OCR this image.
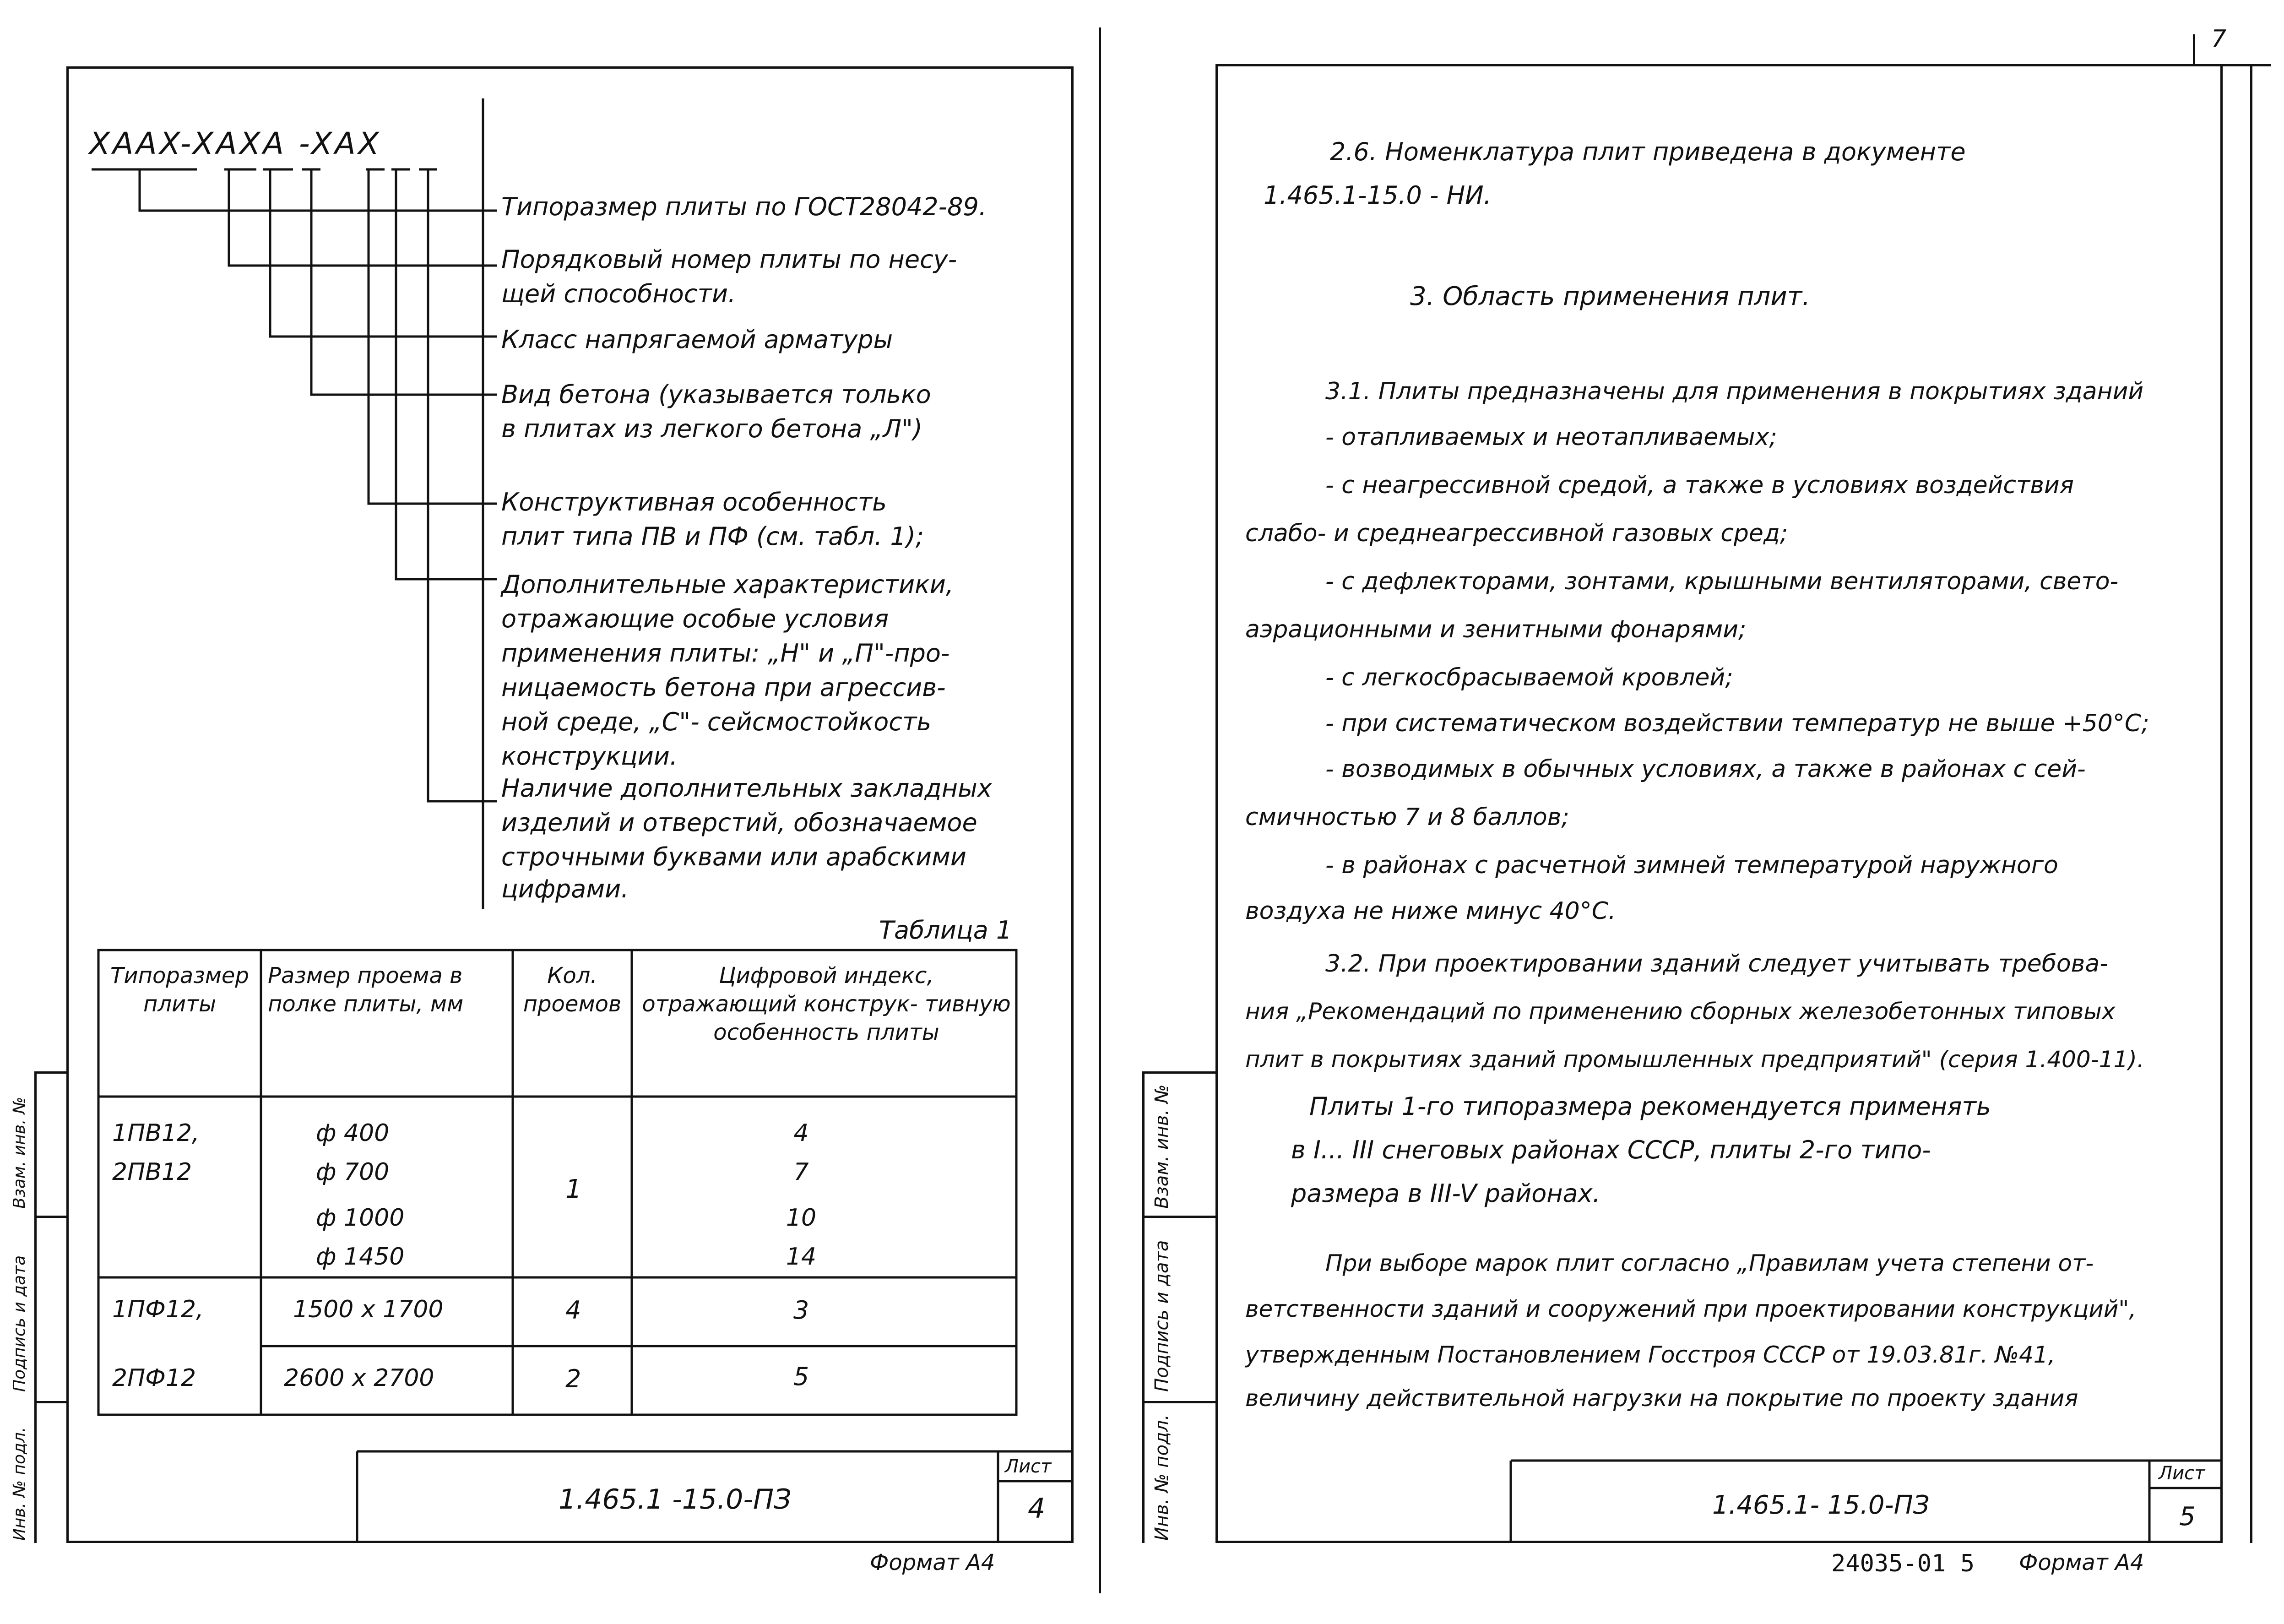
Инв. № подл.
Подпись и дата
Взам. инв. №
XAAX-XAXA -XAX
Типоразмер плиты по ГОСТ28042-89.
Порядковый номер плиты по несу-
щей способности.
Класс напрягаемой арматуры
Вид бетона (указывается только
в плитах из легкого бетона „Л")
Конструктивная особенность
плит типа ПВ и ПФ (см. табл. 1);
Дополнительные характеристики,
отражающие особые условия
применения плиты: „Н" и „П"-про-
ницаемость бетона при агрессив-
ной среде, „С"- сейсмостойкость
конструкции.
Наличие дополнительных закладных
изделий и отверстий, обозначаемое
строчными буквами или арабскими
цифрами.
Таблица 1
Типоразмер плиты
Размер проема в полке плиты, мм
Кол. проемов
Цифровой индекс, отражающий конструк- тивную особенность плиты
1ПВ12,
2ПВ12
ф 400
ф 700
ф 1000
ф 1450
1
4
7
10
14
1ПФ12,
2ПФ12
1500 х 1700
2600 х 2700
4
2
3
5
1.465.1 -15.0-ПЗ
Лист
4
Формат А4
7
Инв. № подл.
Подпись и дата
Взам. инв. №
2.6. Номенклатура плит приведена в документе
1.465.1-15.0 - НИ.
3. Область применения плит.
3.1. Плиты предназначены для применения в покрытиях зданий
- отапливаемых и неотапливаемых;
- с неагрессивной средой, а также в условиях воздействия
слабо- и среднеагрессивной газовых сред;
- с дефлекторами, зонтами, крышными вентиляторами, свето-
аэрационными и зенитными фонарями;
- с легкосбрасываемой кровлей;
- при систематическом воздействии температур не выше +50°С;
- возводимых в обычных условиях, а также в районах с сей-
смичностью 7 и 8 баллов;
- в районах с расчетной зимней температурой наружного
воздуха не ниже минус 40°С.
3.2. При проектировании зданий следует учитывать требова-
ния „Рекомендаций по применению сборных железобетонных типовых
плит в покрытиях зданий промышленных предприятий" (серия 1.400-11).
Плиты 1-го типоразмера рекомендуется применять
в I... III снеговых районах СССР, плиты 2-го типо-
размера в III-V районах.
При выборе марок плит согласно „Правилам учета степени от-
ветственности зданий и сооружений при проектировании конструкций",
утвержденным Постановлением Госстроя СССР от 19.03.81г. №41,
величину действительной нагрузки на покрытие по проекту здания
1.465.1- 15.0-ПЗ
Лист
5
24035-01 5 Формат А4
